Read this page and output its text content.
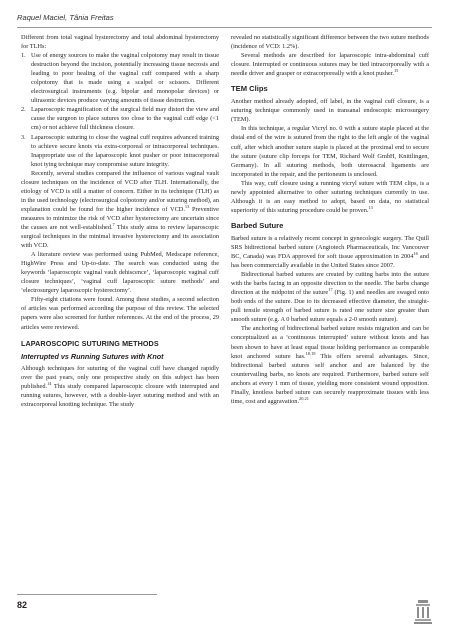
Raquel Maciel, Tânia Freitas

Different from total vaginal hysterectomy and total abdominal hysterectomy for TLHs:

1. Use of energy sources to make the vaginal colpotomy may result in tissue destruction beyond the incision, potentially increasing tissue necrosis and leading to poor healing of the vaginal cuff compared with a sharp colpotomy that is made using a scalpel or scissors. Different electrosurgical instruments (e.g. bipolar and monopolar devices) or ultrasonic devices produce varying amounts of tissue destruction.
2. Laparoscopic magnification of the surgical field may distort the view and cause the surgeon to place sutures too close to the vaginal cuff edge (<1 cm) or not achieve full thickness closure.
3. Laparoscopic suturing to close the vaginal cuff requires advanced training to achieve secure knots via extra-corporeal or intracorporeal techniques. Inappropriate use of the laparoscopic knot pusher or poor intracorporeal knot tying technique may compromise suture integrity.

Recently, several studies compared the influence of various vaginal vault closure techniques on the incidence of VCD after TLH. Internationally, the etiology of VCD is still a matter of concern. Either in its technique (TLH) as in the used technology (electrosurgical colpotomy and/or suturing method), an explanation could be found for the higher incidence of VCD.$^{13}$ Preventive measures to minimize the risk of VCD after hysterectomy are uncertain since the causes are not well-established.$^7$ This study aims to review laparoscopic surgical techniques in the minimal invasive hysterectomy and its association with VCD.

A literature review was performed using PubMed, Medscape reference, HighWire Press and Up-to-date. The search was conducted using the keywords ‘laparoscopic vaginal vault dehiscence’, ‘laparoscopic vaginal cuff closure techniques’, ‘vaginal cuff laparoscopic suture methods’ and ‘electrosurgery laparoscopic hysterectomy’.

Fifty-eight citations were found. Among these studies, a second selection of articles was performed according the purpose of this review. The selected papers were also screened for further references. At the end of the process, 29 articles were reviewed.

LAPAROSCOPIC SUTURING METHODS
Interrupted vs Running Sutures with Knot

Although techniques for suturing of the vaginal cuff have changed rapidly over the past years, only one prospective study on this subject has been published.$^{14}$ This study compared laparoscopic closure with interrupted and running sutures, however, with a double-layer suturing method and with an extracorporeal knotting technique. The study

revealed no statistically significant difference between the two suture methods (incidence of VCD: 1.2%).

Several methods are described for laparoscopic intra-abdominal cuff closure. Interrupted or continuous sutures may be tied intracorporeally with a needle driver and grasper or extracorporeally with a knot pusher.$^{15}$

TEM Clips

Another method already adopted, off label, in the vaginal cuff closure, is a suturing technique commonly used in transanal endoscopic microsurgery (TEM).

In this technique, a regular Vicryl no. 0 with a suture staple placed at the distal end of the wire is sutured from the right to the left angle of the vaginal cuff, after which another suture staple is placed at the proximal end to secure the suture (suture clip forceps for TEM, Richard Wolf GmbH, Knittlingen, Germany). In all suturing methods, both uterosacral ligaments are incorporated in the repair, and the peritoneum is unclosed.

This way, cuff closure using a running vicryl suture with TEM clips, is a newly appointed alternative to other suturing techniques currently in use. Although it is an easy method to adopt, based on data, no statistical superiority of this suturing procedure could be proven.$^{13}$

Barbed Suture

Barbed suture is a relatively recent concept in gynecologic surgery. The Quill SRS bidirectional barbed suture (Angiotech Pharmaceuticals, Inc Vancouver BC, Canada) was FDA approved for soft tissue approximation in 2004$^{16}$ and has been commercially available in the United States since 2007.

Bidirectional barbed sutures are created by cutting barbs into the suture with the barbs facing in an opposite direction to the needle. The barbs change direction at the midpoint of the suture$^{17}$ (Fig. 1) and needles are swaged onto both ends of the suture. Due to its decreased effective diameter, the straight-pull tensile strength of barbed suture is rated one suture size greater than smooth suture (e.g. A 0 barbed suture equals a 2-0 smooth suture).

The anchoring of bidirectional barbed suture resists migration and can be conceptualized as a ‘continuous interrupted’ suture without knots and has been shown to have at least equal tissue holding performance as comparable knot anchored suture has.$^{18,19}$ This offers several advantages. Since, bidirectional barbed sutures self anchor and are balanced by the countervailing barbs, no knots are required. Furthermore, barbed suture self anchors at every 1 mm of tissue, yielding more consistent wound opposition. Finally, knotless barbed suture can securely reapproximate tissues with less time, cost and aggravation.$^{20,21}$

82
